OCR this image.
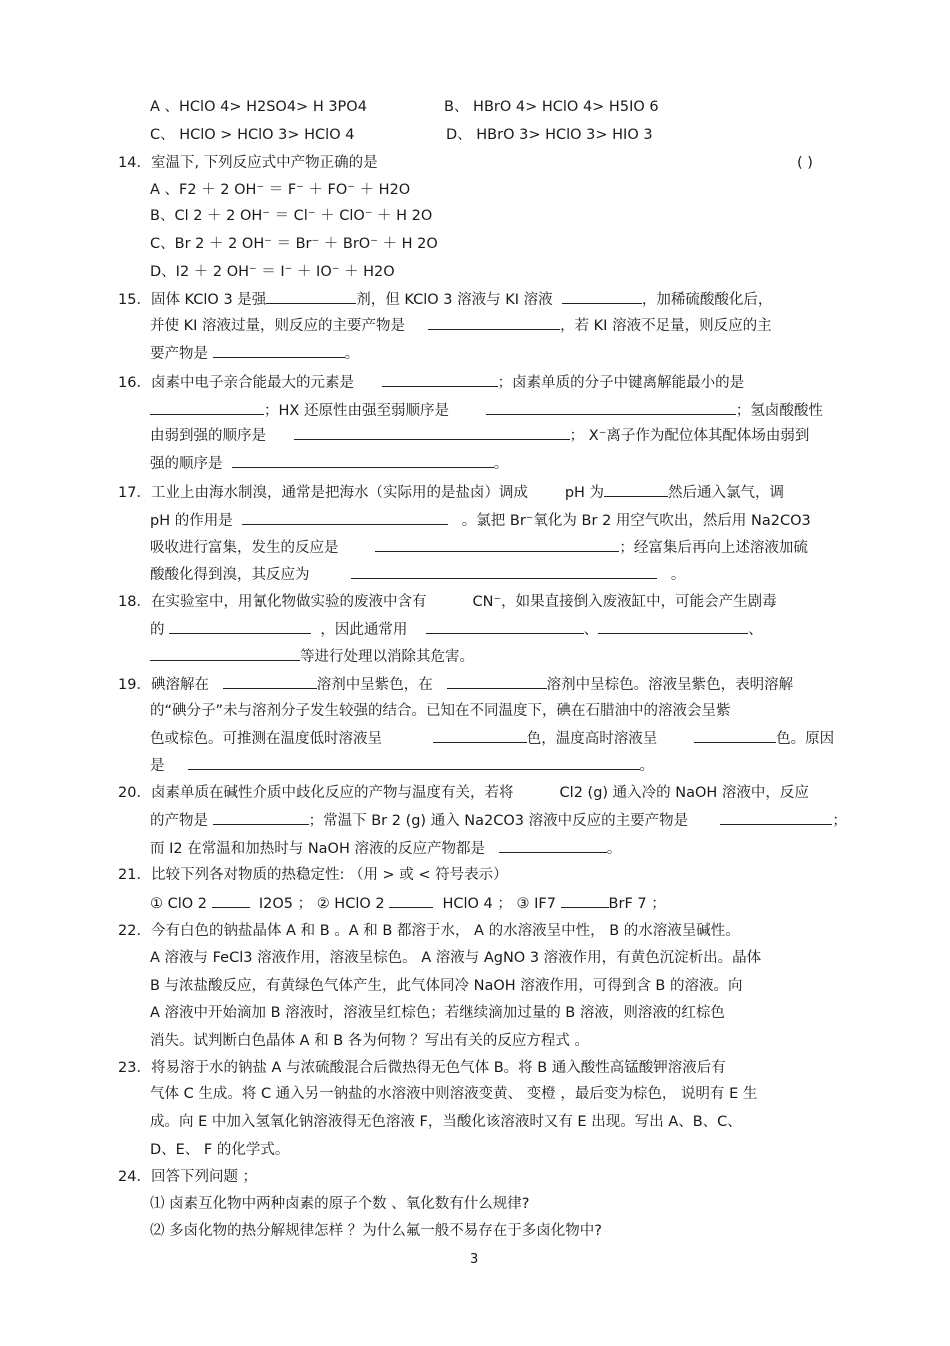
A 、HClO 4> H2SO4> H 3PO4	B、 HBrO 4> HClO 4> H5IO 6
C、 HClO > HClO 3> HClO 4	D、 HBrO 3> HClO 3> HIO 3
14．室温下, 下列反应式中产物正确的是	( )
A 、F2 ＋ 2 OH⁻ ＝ F⁻ ＋ FO⁻ ＋ H2O
B、Cl 2 ＋ 2 OH⁻ ＝ Cl⁻ ＋ ClO⁻ ＋ H 2O
C、Br 2 ＋ 2 OH⁻ ＝ Br⁻ ＋ BrO⁻ ＋ H 2O
D、I2 ＋ 2 OH⁻ ＝ I⁻ ＋ IO⁻ ＋ H2O
15．固体 KClO 3 是强	剂，但 KClO 3 溶液与 KI 溶液	，加稀硫酸酸化后，
并使 KI 溶液过量，则反应的主要产物是	，若 KI 溶液不足量，则反应的主
要产物是	。
16．卤素中电子亲合能最大的元素是	；卤素单质的分子中键离解能最小的是
；HX 还原性由强至弱顺序是	；氢卤酸酸性
由弱到强的顺序是	； X⁻离子作为配位体其配体场由弱到
强的顺序是	。
17．工业上由海水制溴，通常是把海水（实际用的是盐卤）调成	pH 为	然后通入氯气，调
pH 的作用是	。氯把 Br⁻氧化为 Br 2 用空气吹出，然后用 Na2CO3
吸收进行富集，发生的反应是	；经富集后再向上述溶液加硫
酸酸化得到溴，其反应为	。
18．在实验室中，用氰化物做实验的废液中含有	CN⁻，如果直接倒入废液缸中，可能会产生剧毒
的	，因此通常用	、	、
等进行处理以消除其危害。
19．碘溶解在	溶剂中呈紫色，在	溶剂中呈棕色。溶液呈紫色，表明溶解
的“碘分子”未与溶剂分子发生较强的结合。已知在不同温度下，碘在石腊油中的溶液会呈紫
色或棕色。可推测在温度低时溶液呈	色，温度高时溶液呈	色。原因
是	。
20．卤素单质在碱性介质中歧化反应的产物与温度有关，若将	Cl2 (g) 通入冷的 NaOH 溶液中，反应
的产物是	；常温下 Br 2 (g) 通入 Na2CO3 溶液中反应的主要产物是	；
而 I2 在常温和加热时与 NaOH 溶液的反应产物都是	。
21．比较下列各对物质的热稳定性: （用 > 或 < 符号表示）
① ClO 2	I2O5 ； ② HClO 2	HClO 4 ； ③ IF7	BrF 7 ；
22．今有白色的钠盐晶体 A 和 B 。A 和 B 都溶于水， A 的水溶液呈中性， B 的水溶液呈碱性。
A 溶液与 FeCl3 溶液作用，溶液呈棕色。 A 溶液与 AgNO 3 溶液作用，有黄色沉淀析出。晶体
B 与浓盐酸反应，有黄绿色气体产生，此气体同冷 NaOH 溶液作用，可得到含 B 的溶液。向
A 溶液中开始滴加 B 溶液时，溶液呈红棕色；若继续滴加过量的 B 溶液，则溶液的红棕色
消失。试判断白色晶体 A 和 B 各为何物 ？写出有关的反应方程式 。
23．将易溶于水的钠盐 A 与浓硫酸混合后微热得无色气体 B。将 B 通入酸性高锰酸钾溶液后有
气体 C 生成。将 C 通入另一钠盐的水溶液中则溶液变黄、 变橙 ，最后变为棕色， 说明有 E 生
成。向 E 中加入氢氧化钠溶液得无色溶液 F，当酸化该溶液时又有 E 出现。写出 A、B、C、
D、E、 F 的化学式。
24．回答下列问题 ；
⑴ 卤素互化物中两种卤素的原子个数 、氧化数有什么规律?
⑵ 多卤化物的热分解规律怎样 ？为什么氟一般不易存在于多卤化物中?
3
